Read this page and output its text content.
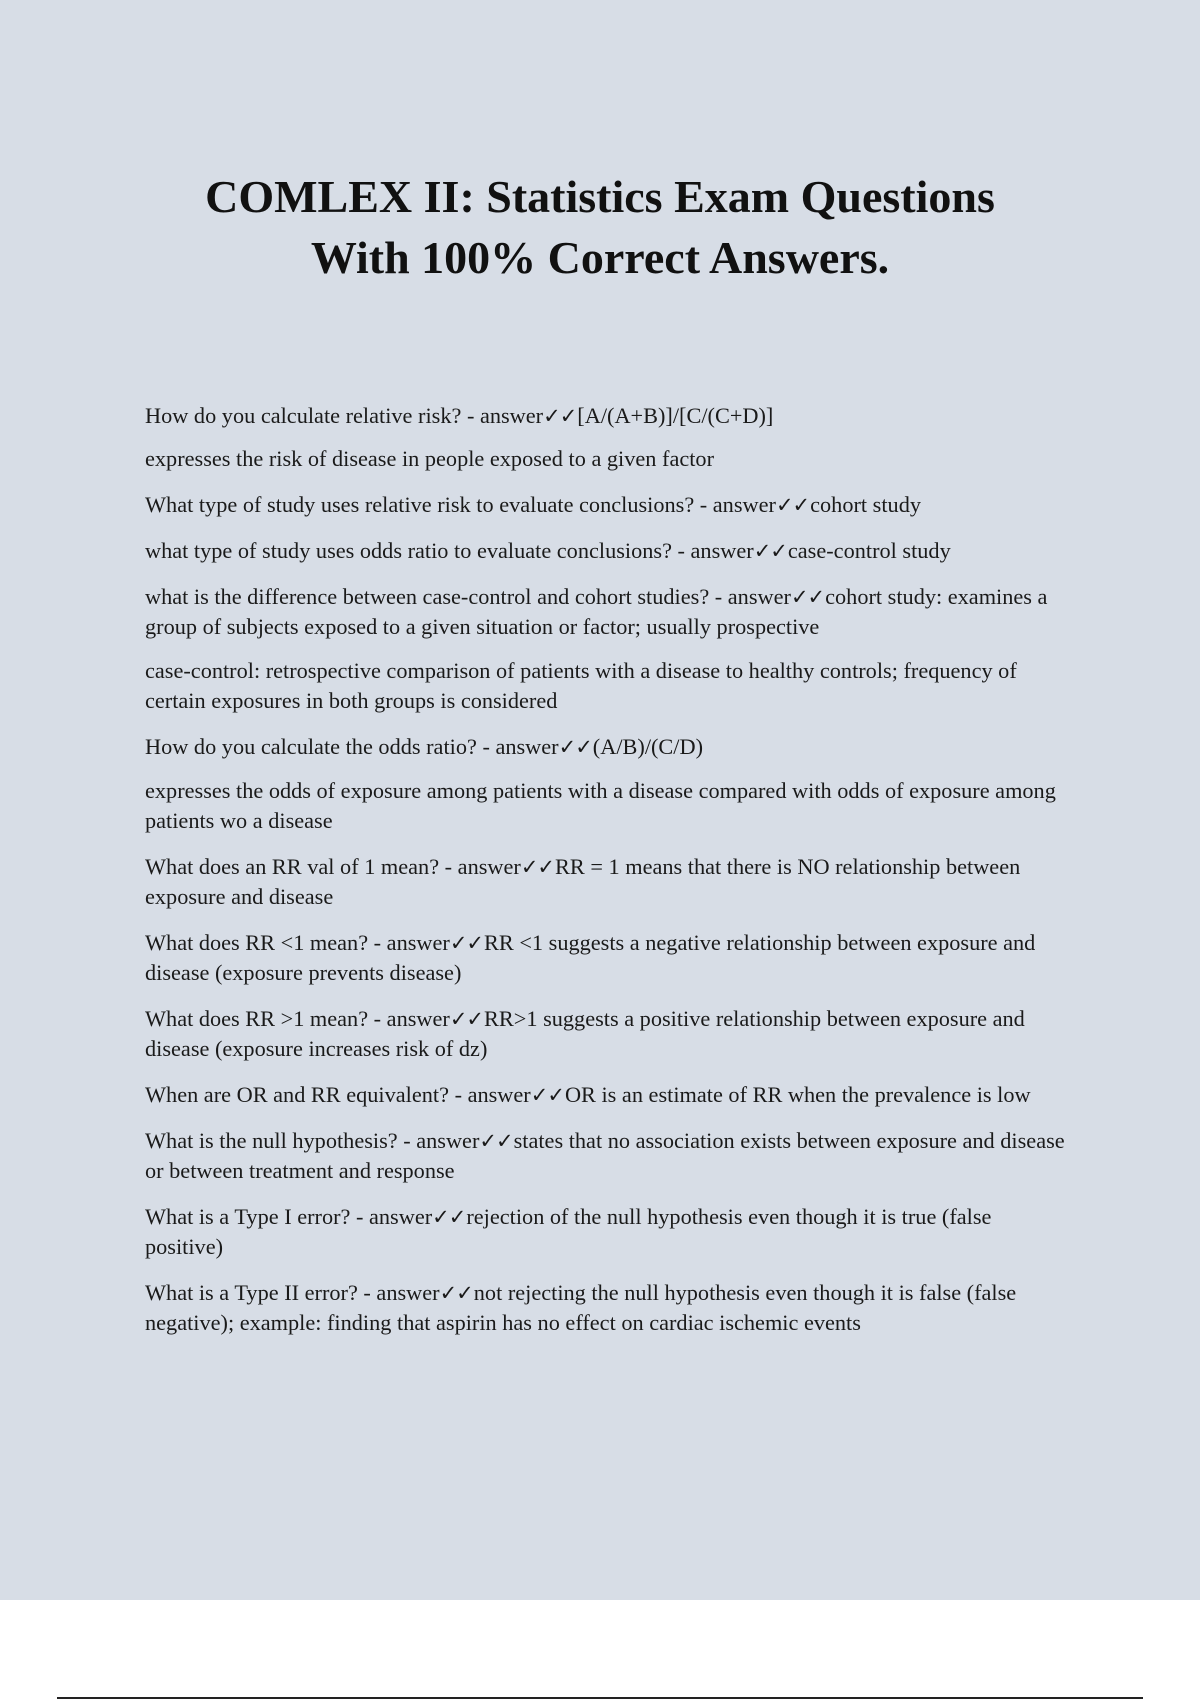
COMLEX II: Statistics Exam Questions
With 100% Correct Answers.

How do you calculate relative risk? - answer✓✓[A/(A+B)]/[C/(C+D)]

expresses the risk of disease in people exposed to a given factor

What type of study uses relative risk to evaluate conclusions? - answer✓✓cohort study

what type of study uses odds ratio to evaluate conclusions? - answer✓✓case-control study

what is the difference between case-control and cohort studies? - answer✓✓cohort study: examines a group of subjects exposed to a given situation or factor; usually prospective

case-control: retrospective comparison of patients with a disease to healthy controls; frequency of certain exposures in both groups is considered

How do you calculate the odds ratio? - answer✓✓(A/B)/(C/D)

expresses the odds of exposure among patients with a disease compared with odds of exposure among patients wo a disease

What does an RR val of 1 mean? - answer✓✓RR = 1 means that there is NO relationship between exposure and disease

What does RR <1 mean? - answer✓✓RR <1 suggests a negative relationship between exposure and disease (exposure prevents disease)

What does RR >1 mean? - answer✓✓RR>1 suggests a positive relationship between exposure and disease (exposure increases risk of dz)

When are OR and RR equivalent? - answer✓✓OR is an estimate of RR when the prevalence is low

What is the null hypothesis? - answer✓✓states that no association exists between exposure and disease or between treatment and response

What is a Type I error? - answer✓✓rejection of the null hypothesis even though it is true (false positive)

What is a Type II error? - answer✓✓not rejecting the null hypothesis even though it is false (false negative); example: finding that aspirin has no effect on cardiac ischemic events
